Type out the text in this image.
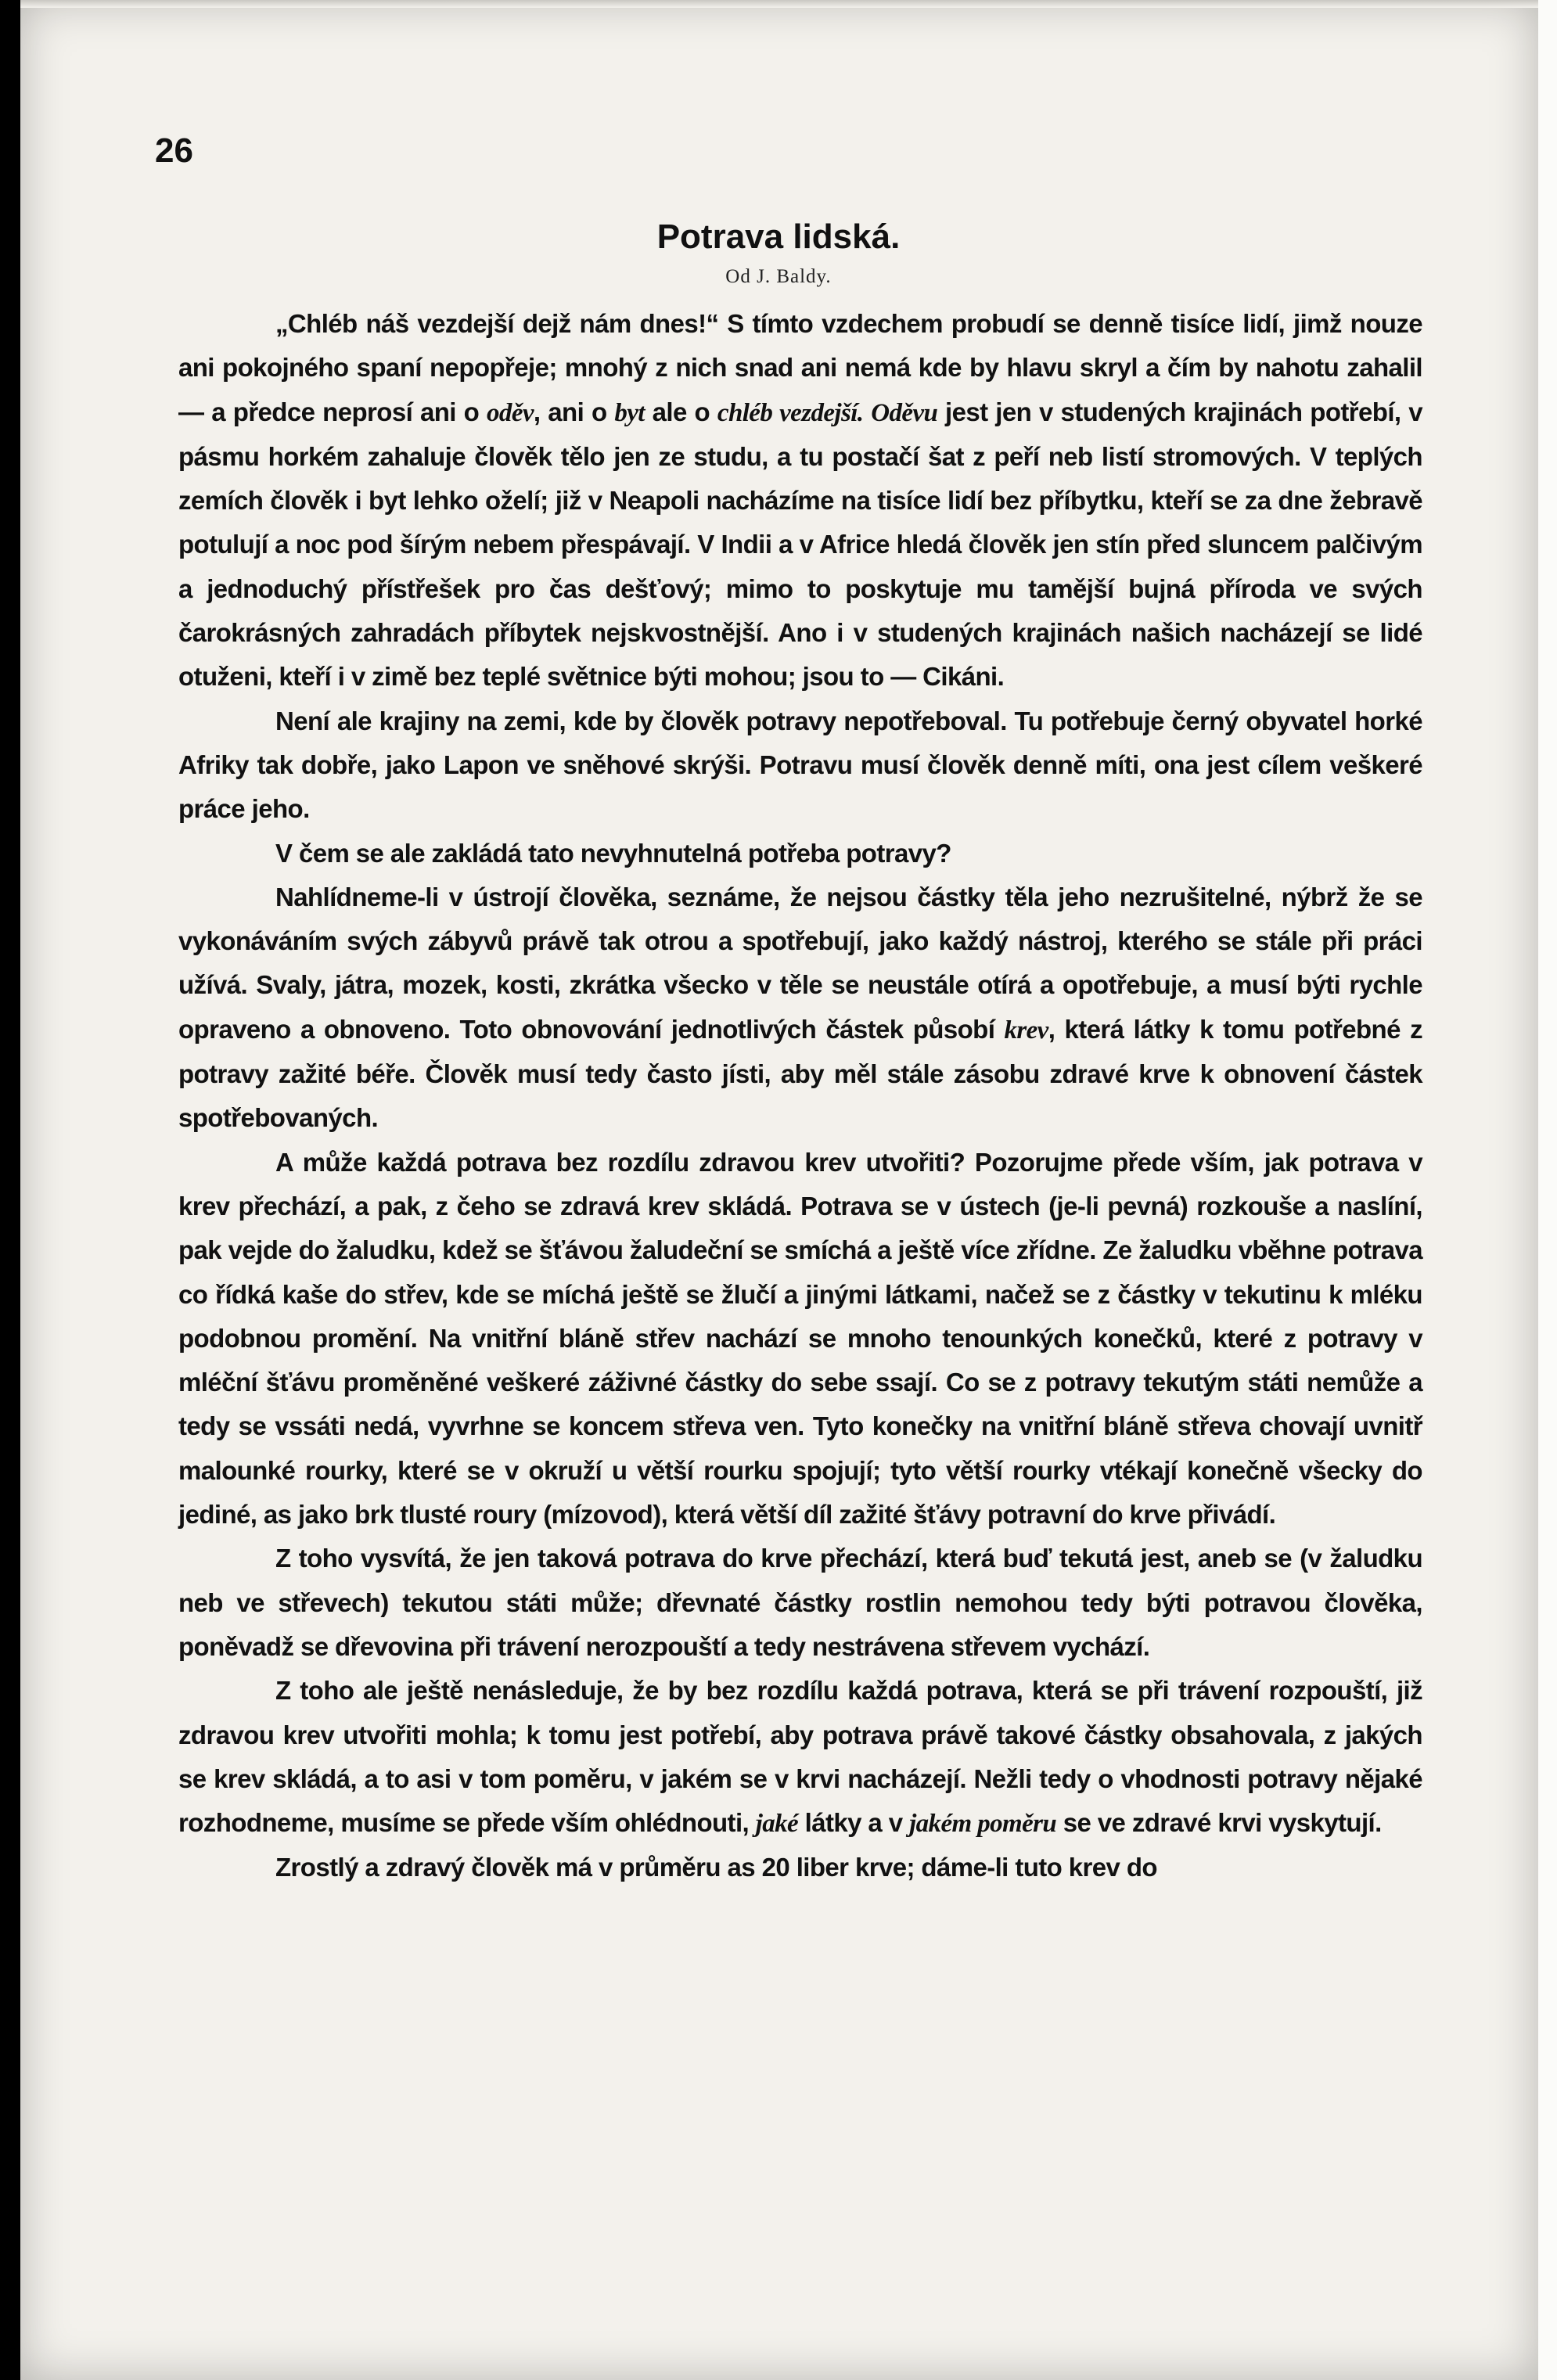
26
Potrava lidská.
Od J. Baldy.

„Chléb náš vezdejší dejž nám dnes!“ S tímto vzdechem probudí se denně tisíce lidí, jimž nouze ani pokojného spaní nepopřeje; mnohý z nich snad ani nemá kde by hlavu skryl a čím by nahotu zahalil — a předce neprosí ani o oděv, ani o byt ale o chléb vezdejší. Oděvu jest jen v studených krajinách potřebí, v pásmu horkém zahaluje člověk tělo jen ze studu, a tu postačí šat z peří neb listí stromových. V teplých zemích člověk i byt lehko oželí; již v Neapoli nacházíme na tisíce lidí bez příbytku, kteří se za dne žebravě potulují a noc pod šírým nebem přespávají. V Indii a v Africe hledá člověk jen stín před sluncem palčivým a jednoduchý přístřešek pro čas dešťový; mimo to poskytuje mu tamější bujná příroda ve svých čarokrásných zahradách příbytek nejskvostnější. Ano i v studených krajinách našich nacházejí se lidé otuženi, kteří i v zimě bez teplé světnice býti mohou; jsou to — Cikáni.

Není ale krajiny na zemi, kde by člověk potravy nepotřeboval. Tu potřebuje černý obyvatel horké Afriky tak dobře, jako Lapon ve sněhové skrýši. Potravu musí člověk denně míti, ona jest cílem veškeré práce jeho.

V čem se ale zakládá tato nevyhnutelná potřeba potravy?

Nahlídneme-li v ústrojí člověka, seznáme, že nejsou částky těla jeho nezrušitelné, nýbrž že se vykonáváním svých zábyvů právě tak otrou a spotřebují, jako každý nástroj, kterého se stále při práci užívá. Svaly, játra, mozek, kosti, zkrátka všecko v těle se neustále otírá a opotřebuje, a musí býti rychle opraveno a obnoveno. Toto obnovování jednotlivých částek působí krev, která látky k tomu potřebné z potravy zažité béře. Člověk musí tedy často jísti, aby měl stále zásobu zdravé krve k obnovení částek spotřebovaných.

A může každá potrava bez rozdílu zdravou krev utvořiti? Pozorujme přede vším, jak potrava v krev přechází, a pak, z čeho se zdravá krev skládá. Potrava se v ústech (je-li pevná) rozkouše a naslíní, pak vejde do žaludku, kdež se šťávou žaludeční se smíchá a ještě více zřídne. Ze žaludku vběhne potrava co řídká kaše do střev, kde se míchá ještě se žlučí a jinými látkami, načež se z částky v tekutinu k mléku podobnou promění. Na vnitřní bláně střev nachází se mnoho tenounkých konečků, které z potravy v mléční šťávu proměněné veškeré záživné částky do sebe ssají. Co se z potravy tekutým státi nemůže a tedy se vssáti nedá, vyvrhne se koncem střeva ven. Tyto konečky na vnitřní bláně střeva chovají uvnitř malounké rourky, které se v okruží u větší rourku spojují; tyto větší rourky vtékají konečně všecky do jediné, as jako brk tlusté roury (mízovod), která větší díl zažité šťávy potravní do krve přivádí.

Z toho vysvítá, že jen taková potrava do krve přechází, která buď tekutá jest, aneb se (v žaludku neb ve střevech) tekutou státi může; dřevnaté částky rostlin nemohou tedy býti potravou člověka, poněvadž se dřevovina při trávení nerozpouští a tedy nestrávena střevem vychází.

Z toho ale ještě nenásleduje, že by bez rozdílu každá potrava, která se při trávení rozpouští, již zdravou krev utvořiti mohla; k tomu jest potřebí, aby potrava právě takové částky obsahovala, z jakých se krev skládá, a to asi v tom poměru, v jakém se v krvi nacházejí. Nežli tedy o vhodnosti potravy nějaké rozhodneme, musíme se přede vším ohlédnouti, jaké látky a v jakém poměru se ve zdravé krvi vyskytují.

Zrostlý a zdravý člověk má v průměru as 20 liber krve; dáme-li tuto krev do
